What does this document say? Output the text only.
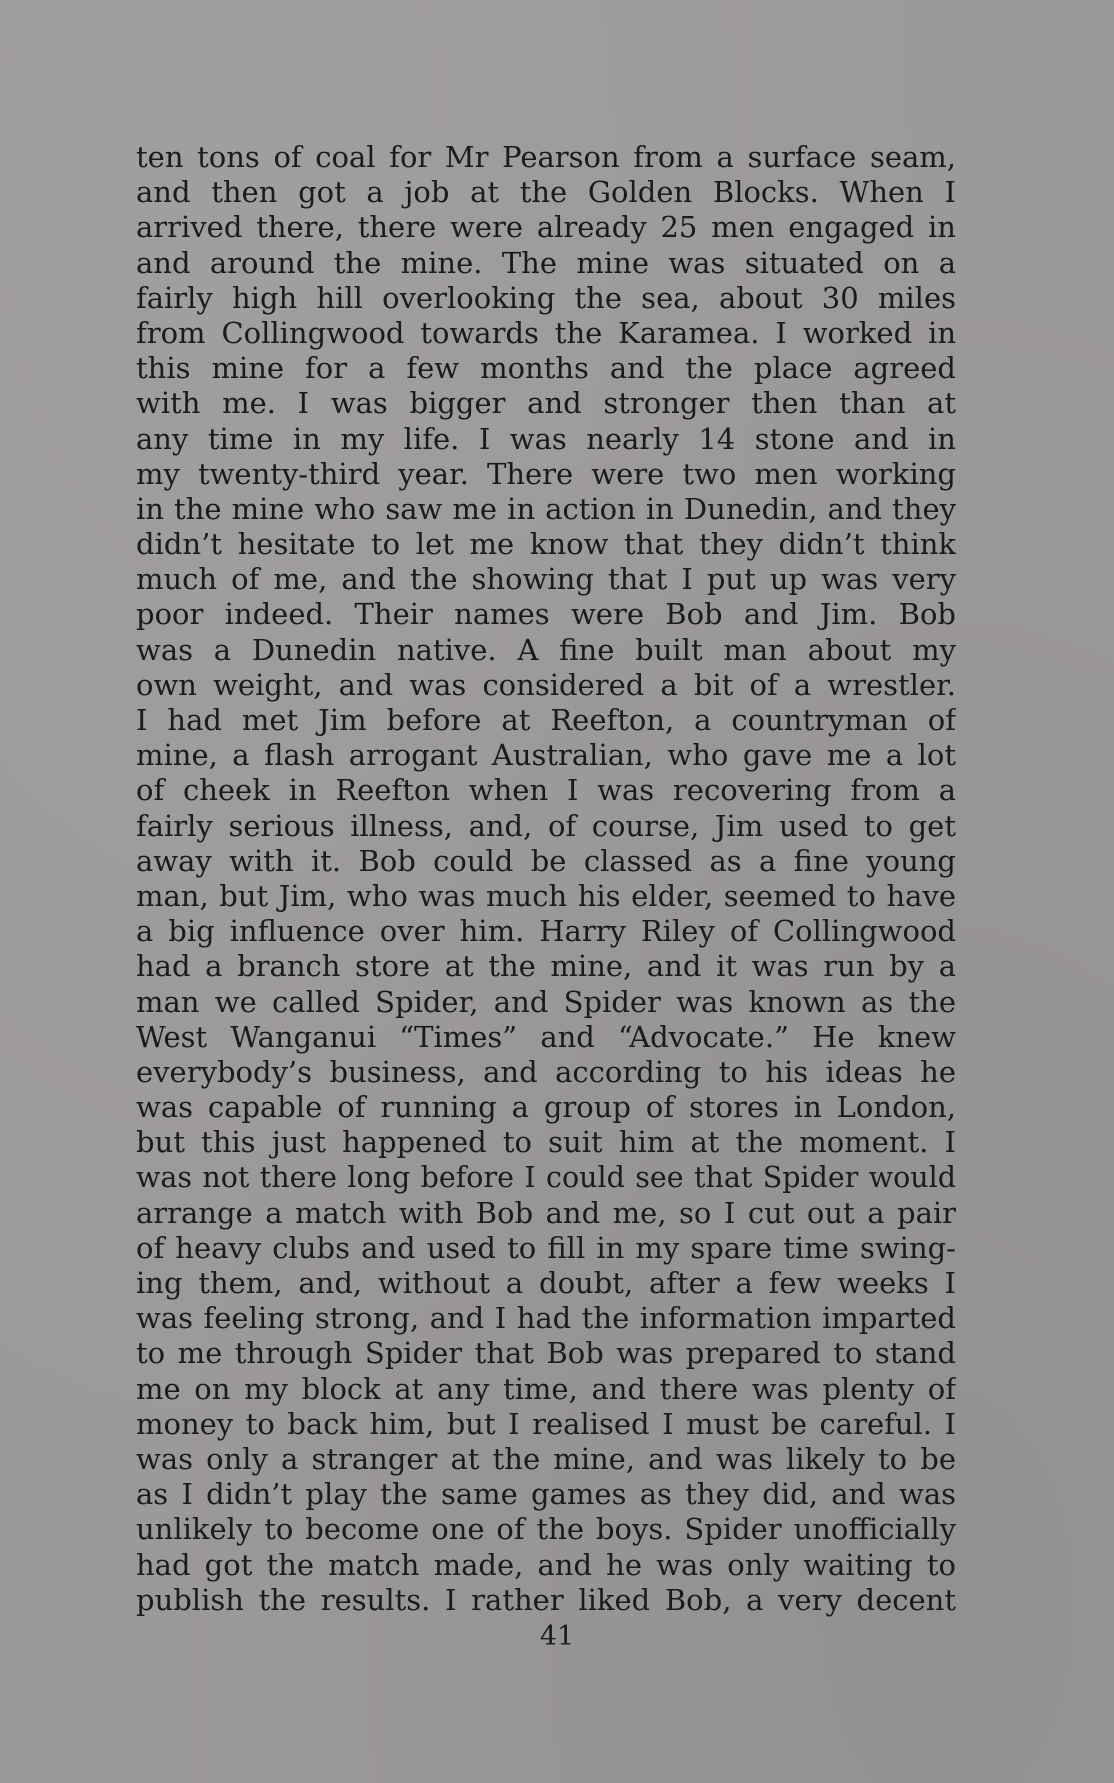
ten tons of coal for Mr Pearson from a surface seam,
and then got a job at the Golden Blocks. When I
arrived there, there were already 25 men engaged in
and around the mine. The mine was situated on a
fairly high hill overlooking the sea, about 30 miles
from Collingwood towards the Karamea. I worked in
this mine for a few months and the place agreed
with me. I was bigger and stronger then than at
any time in my life. I was nearly 14 stone and in
my twenty-third year. There were two men working
in the mine who saw me in action in Dunedin, and they
didn’t hesitate to let me know that they didn’t think
much of me, and the showing that I put up was very
poor indeed. Their names were Bob and Jim. Bob
was a Dunedin native. A fine built man about my
own weight, and was considered a bit of a wrestler.
I had met Jim before at Reefton, a countryman of
mine, a flash arrogant Australian, who gave me a lot
of cheek in Reefton when I was recovering from a
fairly serious illness, and, of course, Jim used to get
away with it. Bob could be classed as a fine young
man, but Jim, who was much his elder, seemed to have
a big influence over him. Harry Riley of Collingwood
had a branch store at the mine, and it was run by a
man we called Spider, and Spider was known as the
West Wanganui “Times” and “Advocate.” He knew
everybody’s business, and according to his ideas he
was capable of running a group of stores in London,
but this just happened to suit him at the moment. I
was not there long before I could see that Spider would
arrange a match with Bob and me, so I cut out a pair
of heavy clubs and used to fill in my spare time swing-
ing them, and, without a doubt, after a few weeks I
was feeling strong, and I had the information imparted
to me through Spider that Bob was prepared to stand
me on my block at any time, and there was plenty of
money to back him, but I realised I must be careful. I
was only a stranger at the mine, and was likely to be
as I didn’t play the same games as they did, and was
unlikely to become one of the boys. Spider unofficially
had got the match made, and he was only waiting to
publish the results. I rather liked Bob, a very decent
41
